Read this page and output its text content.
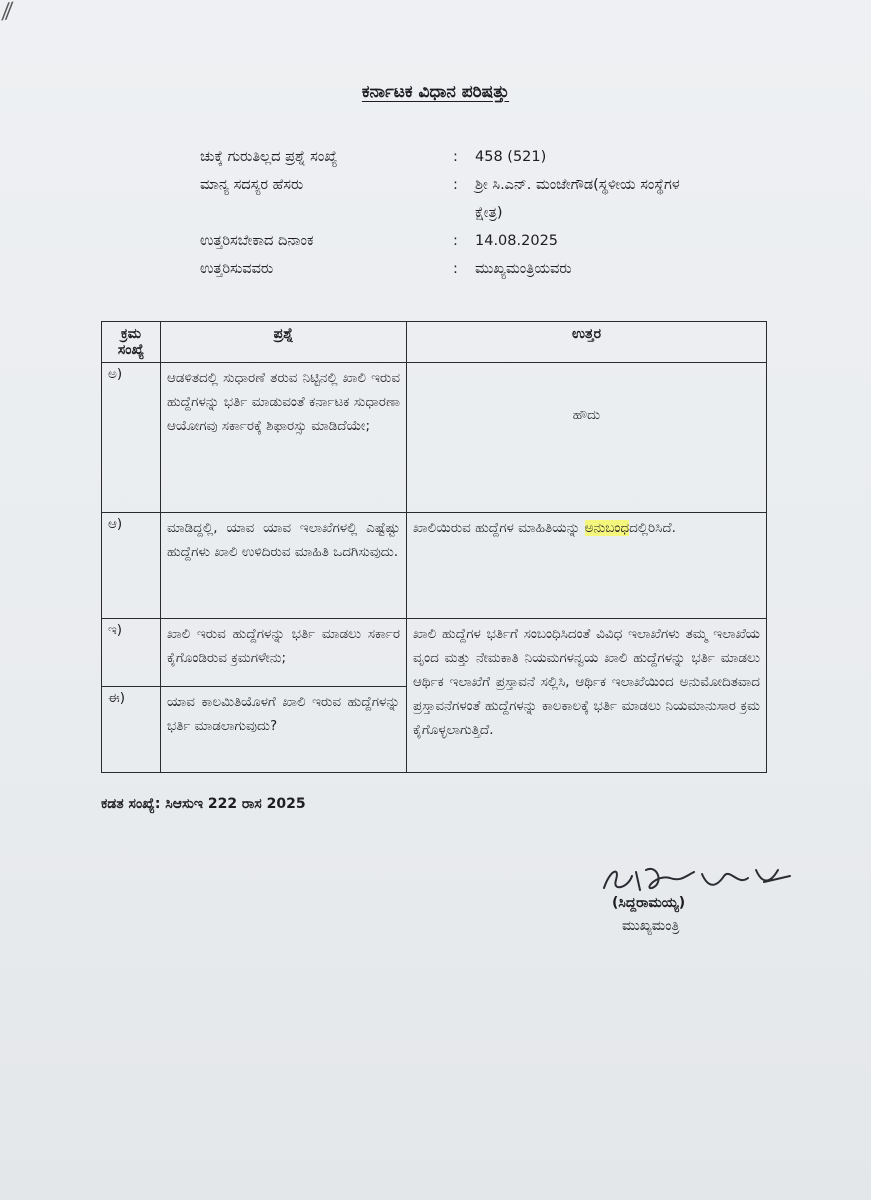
⁄⁄
ಕರ್ನಾಟಕ ವಿಧಾನ ಪರಿಷತ್ತು
ಚುಕ್ಕೆ ಗುರುತಿಲ್ಲದ ಪ್ರಶ್ನೆ ಸಂಖ್ಯೆ	:	458 (521)
ಮಾನ್ಯ ಸದಸ್ಯರ ಹೆಸರು	:	ಶ್ರೀ ಸಿ.ಎನ್. ಮಂಜೇಗೌಡ(ಸ್ಥಳೀಯ ಸಂಸ್ಥೆಗಳ
ಕ್ಷೇತ್ರ)
ಉತ್ತರಿಸಬೇಕಾದ ದಿನಾಂಕ	:	14.08.2025
ಉತ್ತರಿಸುವವರು	:	ಮುಖ್ಯಮಂತ್ರಿಯವರು
ಕ್ರಮ ಸಂಖ್ಯೆ	ಪ್ರಶ್ನೆ	ಉತ್ತರ
ಅ)	ಆಡಳಿತದಲ್ಲಿ ಸುಧಾರಣೆ ತರುವ ನಿಟ್ಟಿನಲ್ಲಿ ಖಾಲಿ ಇರುವ ಹುದ್ದೆಗಳನ್ನು ಭರ್ತಿ ಮಾಡುವಂತೆ ಕರ್ನಾಟಕ ಸುಧಾರಣಾ ಆಯೋಗವು ಸರ್ಕಾರಕ್ಕೆ ಶಿಫಾರಸ್ಸು ಮಾಡಿದೆಯೇ;	ಹೌದು
ಆ)	ಮಾಡಿದ್ದಲ್ಲಿ, ಯಾವ ಯಾವ ಇಲಾಖೆಗಳಲ್ಲಿ ಎಷ್ಟೆಷ್ಟು ಹುದ್ದೆಗಳು ಖಾಲಿ ಉಳಿದಿರುವ ಮಾಹಿತಿ ಒದಗಿಸುವುದು.	ಖಾಲಿಯಿರುವ ಹುದ್ದೆಗಳ ಮಾಹಿತಿಯನ್ನು ಅನುಬಂಧದಲ್ಲಿರಿಸಿದೆ.
ಇ)	ಖಾಲಿ ಇರುವ ಹುದ್ದೆಗಳನ್ನು ಭರ್ತಿ ಮಾಡಲು ಸರ್ಕಾರ ಕೈಗೊಂಡಿರುವ ಕ್ರಮಗಳೇನು;	ಖಾಲಿ ಹುದ್ದೆಗಳ ಭರ್ತಿಗೆ ಸಂಬಂಧಿಸಿದಂತೆ ವಿವಿಧ ಇಲಾಖೆಗಳು ತಮ್ಮ ಇಲಾಖೆಯ ವೃಂದ ಮತ್ತು ನೇಮಕಾತಿ ನಿಯಮಗಳನ್ವಯ ಖಾಲಿ ಹುದ್ದೆಗಳನ್ನು ಭರ್ತಿ ಮಾಡಲು ಆರ್ಥಿಕ ಇಲಾಖೆಗೆ ಪ್ರಸ್ತಾವನೆ ಸಲ್ಲಿಸಿ, ಆರ್ಥಿಕ ಇಲಾಖೆಯಿಂದ ಅನುಮೋದಿತವಾದ ಪ್ರಸ್ತಾವನೆಗಳಂತೆ ಹುದ್ದೆಗಳನ್ನು ಕಾಲಕಾಲಕ್ಕೆ ಭರ್ತಿ ಮಾಡಲು ನಿಯಮಾನುಸಾರ ಕ್ರಮ ಕೈಗೊಳ್ಳಲಾಗುತ್ತಿದೆ.
ಈ)	ಯಾವ ಕಾಲಮಿತಿಯೊಳಗೆ ಖಾಲಿ ಇರುವ ಹುದ್ದೆಗಳನ್ನು ಭರ್ತಿ ಮಾಡಲಾಗುವುದು?	
ಕಡತ ಸಂಖ್ಯೆ: ಸಿಆಸುಇ 222 ರಾಸ 2025
(ಸಿದ್ದರಾಮಯ್ಯ)
ಮುಖ್ಯಮಂತ್ರಿ
